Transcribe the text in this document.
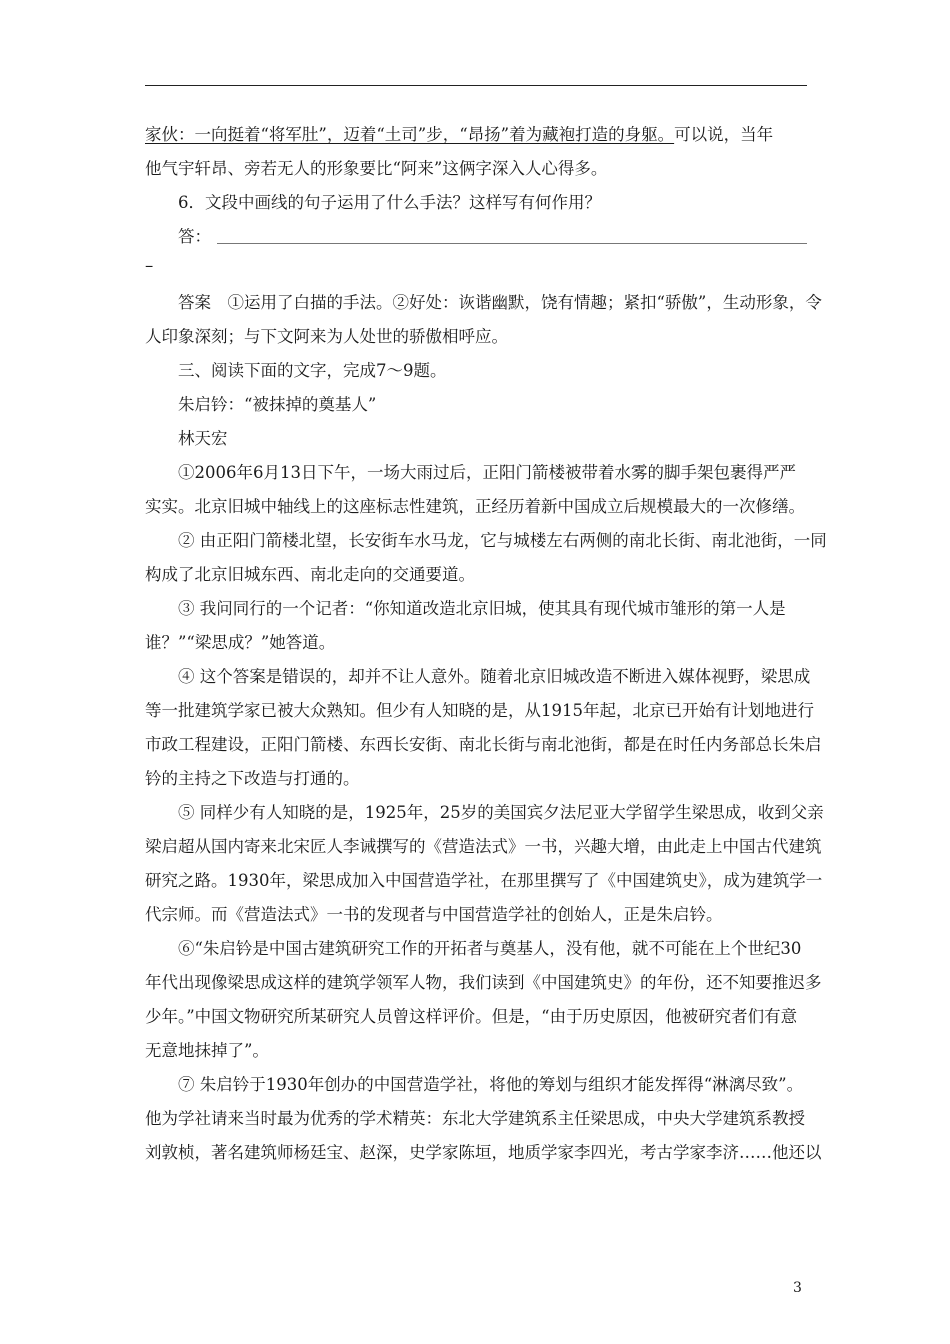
家伙：一向挺着“将军肚”，迈着“土司”步，“昂扬”着为藏袍打造的身躯。可以说，当年
他气宇轩昂、旁若无人的形象要比“阿来”这俩字深入人心得多。
6．文段中画线的句子运用了什么手法？这样写有何作用？
答：
–
答案　①运用了白描的手法。②好处：诙谐幽默，饶有情趣；紧扣“骄傲”，生动形象，令
人印象深刻；与下文阿来为人处世的骄傲相呼应。
三、阅读下面的文字，完成7～9题。
朱启钤：“被抹掉的奠基人”
林天宏
①2006年6月13日下午，一场大雨过后，正阳门箭楼被带着水雾的脚手架包裹得严严
实实。北京旧城中轴线上的这座标志性建筑，正经历着新中国成立后规模最大的一次修缮。
② 由正阳门箭楼北望，长安街车水马龙，它与城楼左右两侧的南北长街、南北池街，一同
构成了北京旧城东西、南北走向的交通要道。
③ 我问同行的一个记者：“你知道改造北京旧城，使其具有现代城市雏形的第一人是
谁？”“梁思成？”她答道。
④ 这个答案是错误的，却并不让人意外。随着北京旧城改造不断进入媒体视野，梁思成
等一批建筑学家已被大众熟知。但少有人知晓的是，从1915年起，北京已开始有计划地进行
市政工程建设，正阳门箭楼、东西长安街、南北长街与南北池街，都是在时任内务部总长朱启
钤的主持之下改造与打通的。
⑤ 同样少有人知晓的是，1925年，25岁的美国宾夕法尼亚大学留学生梁思成，收到父亲
梁启超从国内寄来北宋匠人李诫撰写的《营造法式》一书，兴趣大增，由此走上中国古代建筑
研究之路。1930年，梁思成加入中国营造学社，在那里撰写了《中国建筑史》，成为建筑学一
代宗师。而《营造法式》一书的发现者与中国营造学社的创始人，正是朱启钤。
⑥“朱启钤是中国古建筑研究工作的开拓者与奠基人，没有他，就不可能在上个世纪30
年代出现像梁思成这样的建筑学领军人物，我们读到《中国建筑史》的年份，还不知要推迟多
少年。”中国文物研究所某研究人员曾这样评价。但是，“由于历史原因，他被研究者们有意
无意地抹掉了”。
⑦ 朱启钤于1930年创办的中国营造学社，将他的筹划与组织才能发挥得“淋漓尽致”。
他为学社请来当时最为优秀的学术精英：东北大学建筑系主任梁思成，中央大学建筑系教授
刘敦桢，著名建筑师杨廷宝、赵深，史学家陈垣，地质学家李四光，考古学家李济……他还以
3
